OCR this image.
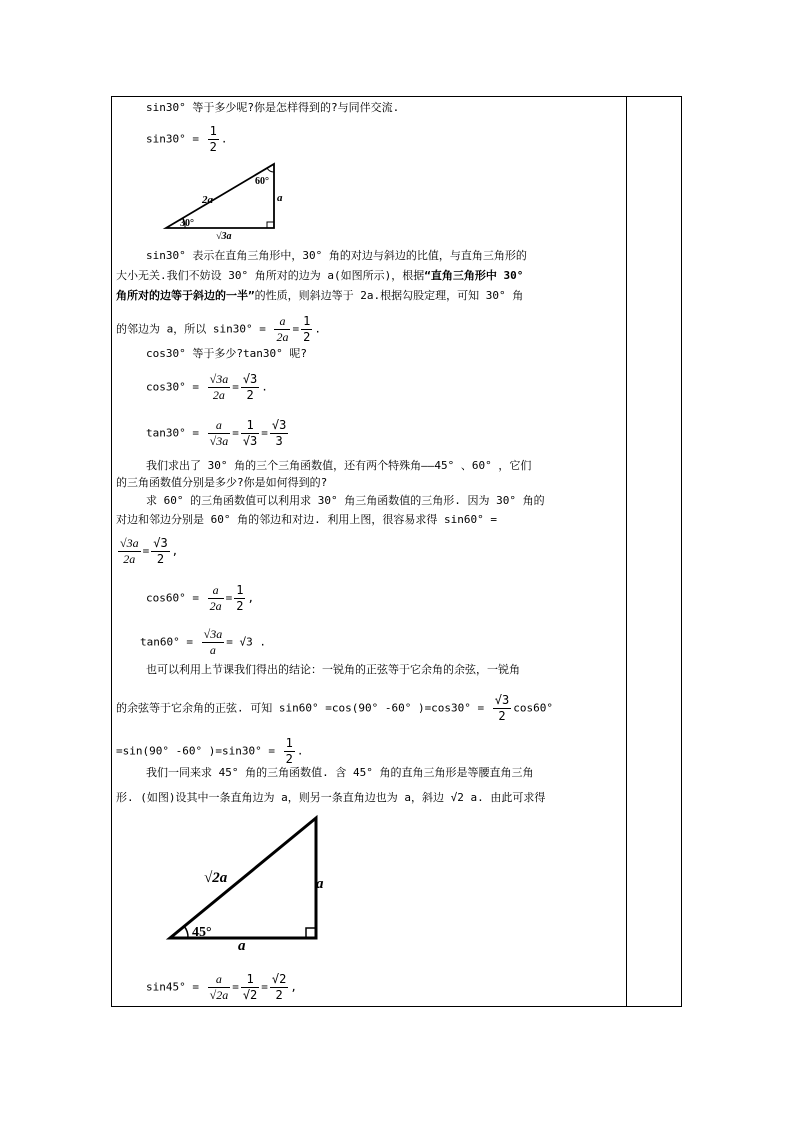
sin30° 等于多少呢?你是怎样得到的?与同伴交流.
$\sin 30^\circ = \frac{1}{2}$ .
60°
2a	a
30°
√3a
sin30° 表示在直角三角形中，30° 角的对边与斜边的比值，与直角三角形的
大小无关.我们不妨设 30° 角所对的边为 a(如图所示)，根据“直角三角形中 30°
角所对的边等于斜边的一半”的性质，则斜边等于 2a.根据勾股定理，可知 30° 角
的邻边为 a，所以 $\sin 30^\circ = \frac{a}{2a} = \frac{1}{2}$ .
cos30° 等于多少?tan30° 呢?
$\cos 30^\circ = \frac{√3a}{2a} = \frac{√3}{2}$ .
$\tan 30^\circ = \frac{a}{√3a} = \frac{1}{√3} = \frac{√3}{3}$
我们求出了 30° 角的三个三角函数值，还有两个特殊角——45° 、60° ，它们
的三角函数值分别是多少?你是如何得到的?
求 60° 的三角函数值可以利用求 30° 角三角函数值的三角形. 因为 30° 角的
对边和邻边分别是 60° 角的邻边和对边. 利用上图，很容易求得 sin60° =
$\frac{√3a}{2a} = \frac{√3}{2}$ ,
$\cos 60^\circ = \frac{a}{2a} = \frac{1}{2}$ ,
$\tan 60^\circ = \frac{√3a}{a} = √3$ .
也可以利用上节课我们得出的结论：一锐角的正弦等于它余角的余弦，一锐角
的余弦等于它余角的正弦. 可知 sin60° =cos(90° -60° )$=\cos 30^\circ = \frac{√3}{2} \cos 60^\circ$
=sin(90° -60° )$=\sin 30^\circ = \frac{1}{2}$ .
我们一同来求 45° 角的三角函数值. 含 45° 角的直角三角形是等腰直角三角
形. (如图)设其中一条直角边为 a，则另一条直角边也为 a，斜边 √2 a. 由此可求得
√2a	a
45°
a
$\sin 45^\circ = \frac{a}{√2a} = \frac{1}{√2} = \frac{√2}{2}$ ,
